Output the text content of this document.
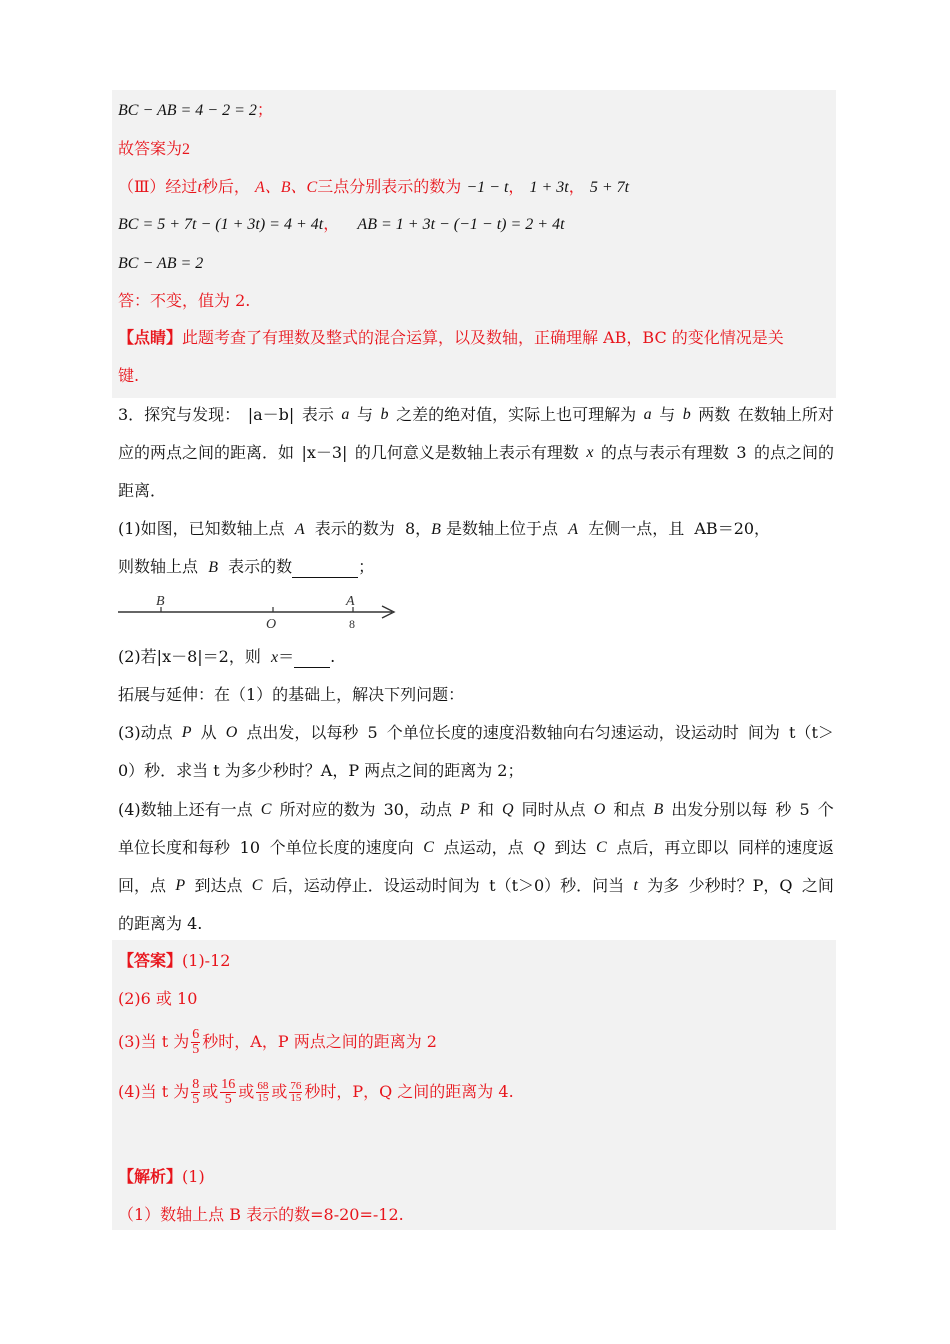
BC − AB = 4 − 2 = 2；
故答案为2
（Ⅲ）经过t秒后， A、B、C三点分别表示的数为 −1 − t， 1 + 3t， 5 + 7t
BC = 5 + 7t − (1 + 3t) = 4 + 4t， AB = 1 + 3t − (−1 − t) = 2 + 4t
BC − AB = 2
答：不变，值为 2.
【点睛】此题考查了有理数及整式的混合运算，以及数轴，正确理解 AB，BC 的变化情况是关
键.
3．探究与发现： |a－b| 表示 a 与 b 之差的绝对值，实际上也可理解为 a 与 b 两数 在数轴上所对
应的两点之间的距离．如 |x－3| 的几何意义是数轴上表示有理数 x 的点与表示有理数 3 的点之间的
距离．
(1)如图，已知数轴上点 A 表示的数为 8，B 是数轴上位于点 A 左侧一点，且 AB＝20，
则数轴上点 B 表示的数	；
B
O
A
8
(2)若|x－8|＝2，则 x＝ .
拓展与延伸：在（1）的基础上，解决下列问题：
(3)动点 P 从 O 点出发，以每秒 5 个单位长度的速度沿数轴向右匀速运动，设运动时 间为 t（t＞
0）秒．求当 t 为多少秒时？A，P 两点之间的距离为 2；
(4)数轴上还有一点 C 所对应的数为 30，动点 P 和 Q 同时从点 O 和点 B 出发分别以每 秒 5 个
单位长度和每秒 10 个单位长度的速度向 C 点运动，点 Q 到达 C 点后，再立即以 同样的速度返
回，点 P 到达点 C 后，运动停止．设运动时间为 t（t＞0）秒．问当 t 为多 少秒时？P，Q 之间
的距离为 4.
【答案】(1)-12
(2)6 或 10
(3)当 t 为 $\frac{6}{5}$ 秒时，A，P 两点之间的距离为 2
(4)当 t 为 $\frac{8}{5}$ 或 $\frac{16}{5}$ 或 $\frac{68}{15}$ 或 $\frac{76}{15}$ 秒时，P，Q 之间的距离为 4.
【解析】(1)
（1）数轴上点 B 表示的数=8-20=-12.
